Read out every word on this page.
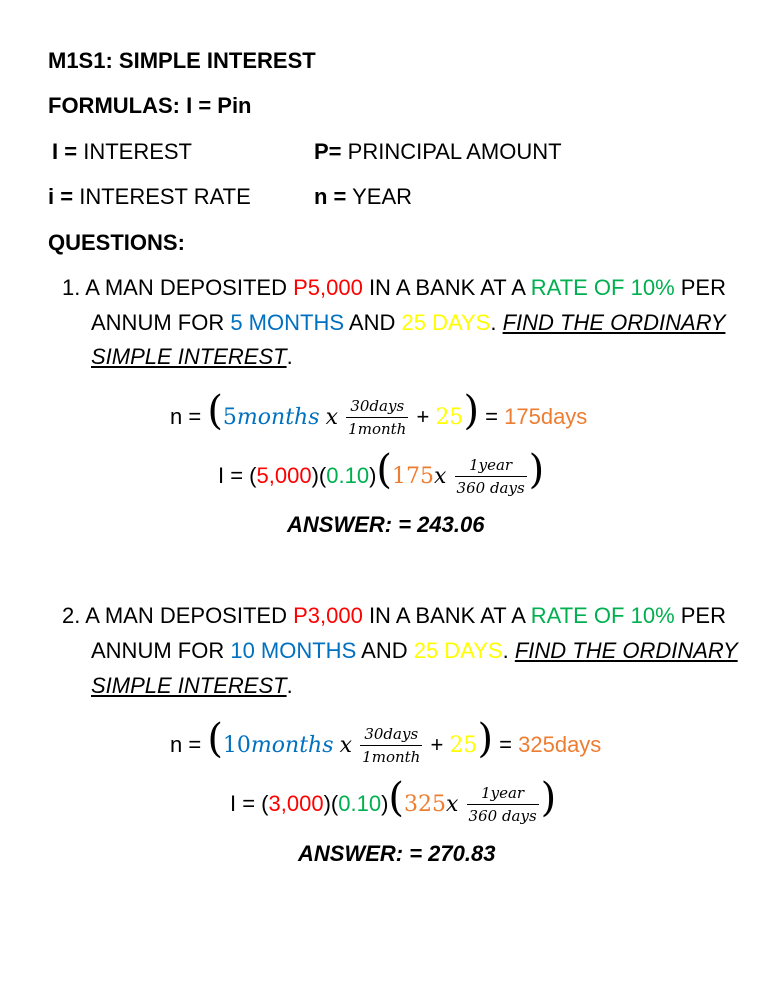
M1S1: SIMPLE INTEREST
FORMULAS: I = Pin
I = INTEREST	P= PRINCIPAL AMOUNT
i = INTEREST RATE	n = YEAR
QUESTIONS:
1. A MAN DEPOSITED P5,000 IN A BANK AT A RATE OF 10% PER
ANNUM FOR 5 MONTHS AND 25 DAYS. FIND THE ORDINARY
SIMPLE INTEREST.
n = (5months x $\frac{\text{30days}}{\text{1month}} + 25$) = 175days
$I = (5,000)(0.10)(175x \frac{\text{1year}}{\text{360 days}}$ )
ANSWER: = 243.06
2. A MAN DEPOSITED P3,000 IN A BANK AT A RATE OF 10% PER
ANNUM FOR 10 MONTHS AND 25 DAYS. FIND THE ORDINARY
SIMPLE INTEREST.
n = (10months x $\frac{\text{30days}}{\text{1month}} + 25$) = 325days
$I = (3,000)(0.10)(325x \frac{\text{1year}}{\text{360 days}}$ )
ANSWER: = 270.83
